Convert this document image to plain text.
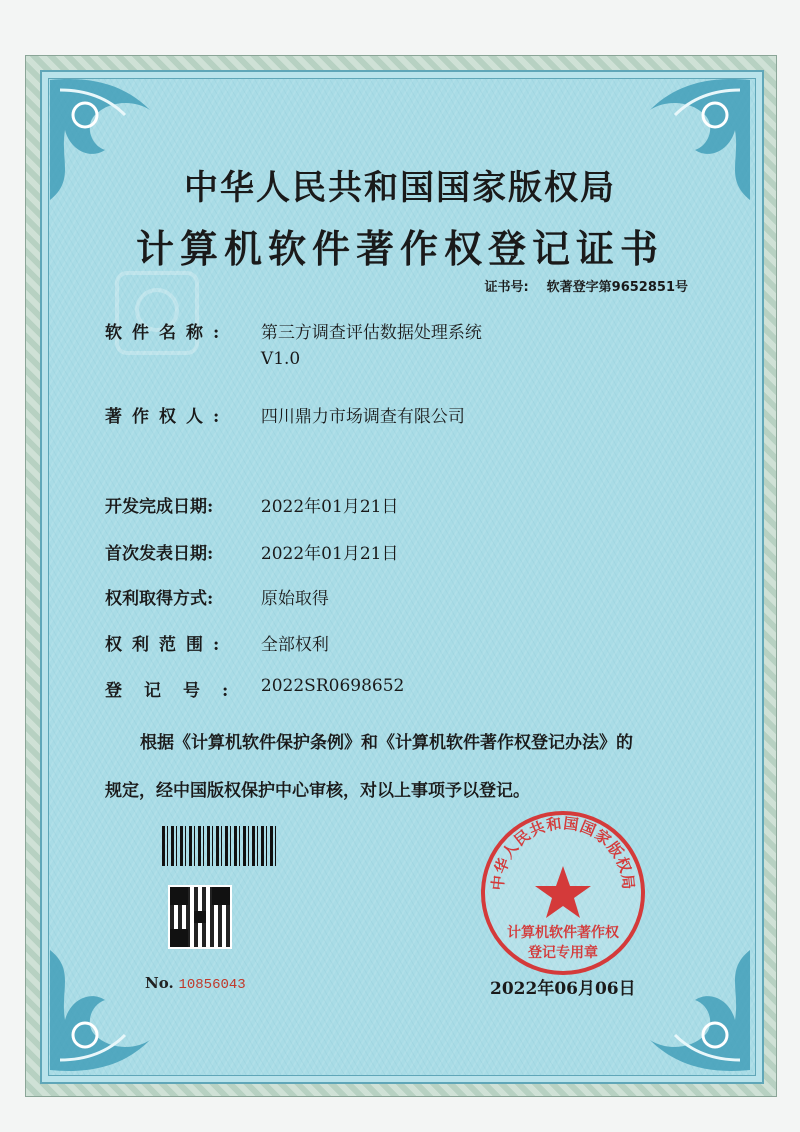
中华人民共和国国家版权局
计算机软件著作权登记证书
证书号: 软著登字第9652851号
软件名称: 第三方调查评估数据处理系统
V1.0
著作权人: 四川鼎力市场调查有限公司
开发完成日期:	2022年01月21日
首次发表日期:	2022年01月21日
权利取得方式:	原始取得
权利范围: 全部权利
登记号: 2022SR0698652
根据《计算机软件保护条例》和《计算机软件著作权登记办法》的
规定，经中国版权保护中心审核，对以上事项予以登记。
No. 10856043
中华人民共和国国家版权局
计算机软件著作权
登记专用章
2022年06月06日
